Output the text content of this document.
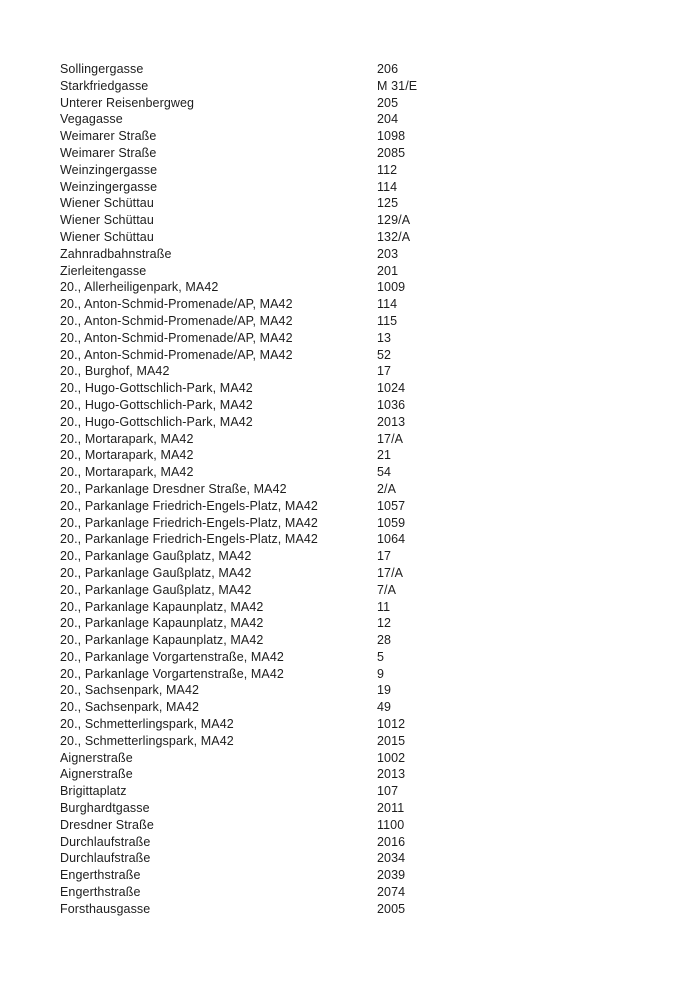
Sollingergasse	206
Starkfriedgasse	M 31/E
Unterer Reisenbergweg	205
Vegagasse	204
Weimarer Straße	1098
Weimarer Straße	2085
Weinzingergasse	112
Weinzingergasse	114
Wiener Schüttau	125
Wiener Schüttau	129/A
Wiener Schüttau	132/A
Zahnradbahnstraße	203
Zierleitengasse	201
20., Allerheiligenpark, MA42	1009
20., Anton-Schmid-Promenade/AP, MA42	114
20., Anton-Schmid-Promenade/AP, MA42	115
20., Anton-Schmid-Promenade/AP, MA42	13
20., Anton-Schmid-Promenade/AP, MA42	52
20., Burghof, MA42	17
20., Hugo-Gottschlich-Park, MA42	1024
20., Hugo-Gottschlich-Park, MA42	1036
20., Hugo-Gottschlich-Park, MA42	2013
20., Mortarapark, MA42	17/A
20., Mortarapark, MA42	21
20., Mortarapark, MA42	54
20., Parkanlage Dresdner Straße, MA42	2/A
20., Parkanlage Friedrich-Engels-Platz, MA42	1057
20., Parkanlage Friedrich-Engels-Platz, MA42	1059
20., Parkanlage Friedrich-Engels-Platz, MA42	1064
20., Parkanlage Gaußplatz, MA42	17
20., Parkanlage Gaußplatz, MA42	17/A
20., Parkanlage Gaußplatz, MA42	7/A
20., Parkanlage Kapaunplatz, MA42	11
20., Parkanlage Kapaunplatz, MA42	12
20., Parkanlage Kapaunplatz, MA42	28
20., Parkanlage Vorgartenstraße, MA42	5
20., Parkanlage Vorgartenstraße, MA42	9
20., Sachsenpark, MA42	19
20., Sachsenpark, MA42	49
20., Schmetterlingspark, MA42	1012
20., Schmetterlingspark, MA42	2015
Aignerstraße	1002
Aignerstraße	2013
Brigittaplatz	107
Burghardtgasse	2011
Dresdner Straße	1100
Durchlaufstraße	2016
Durchlaufstraße	2034
Engerthstraße	2039
Engerthstraße	2074
Forsthausgasse	2005
